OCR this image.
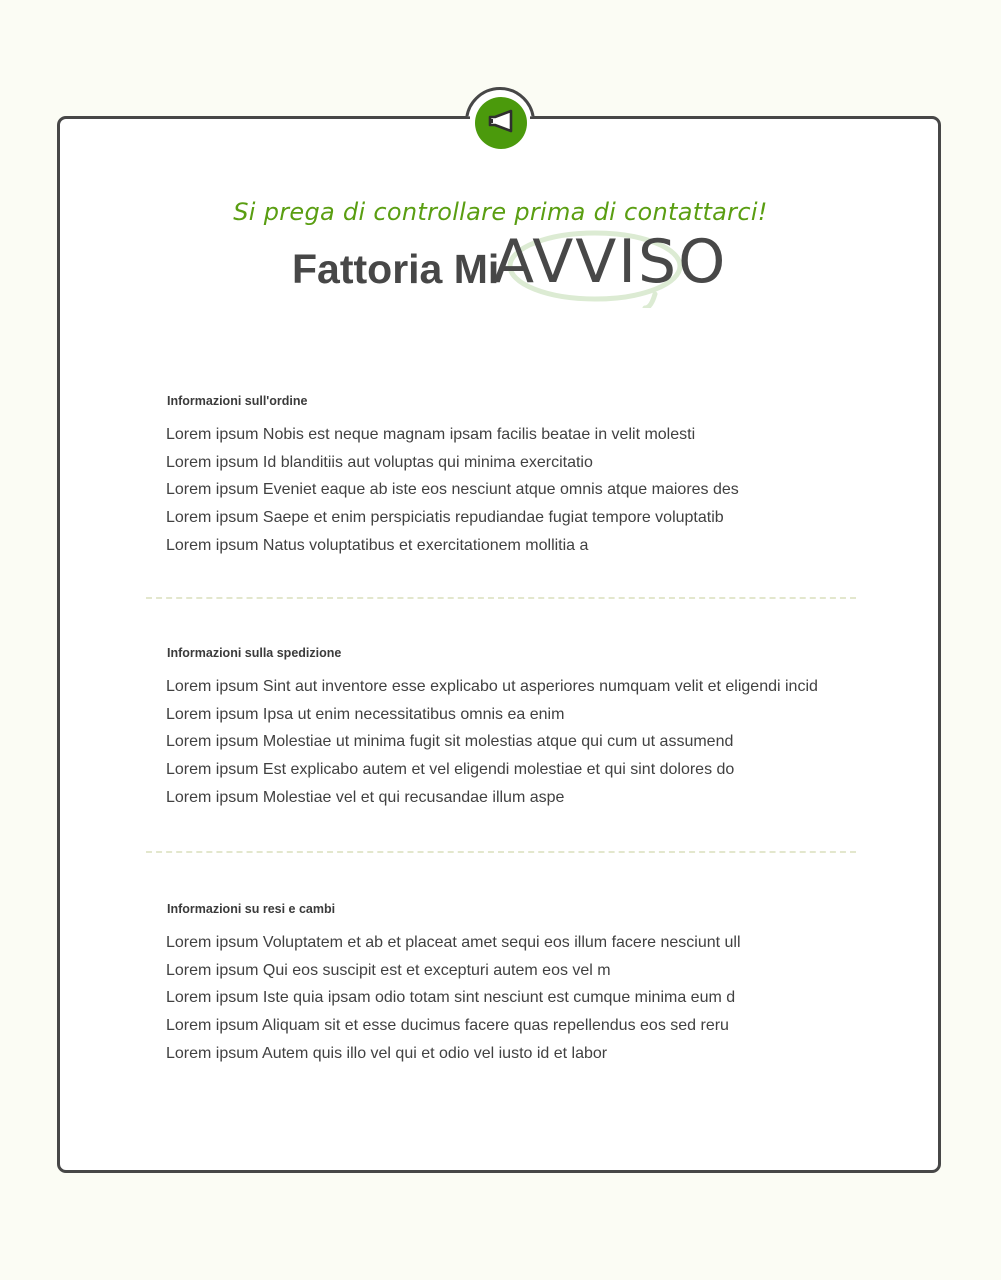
Si prega di controllare prima di contattarci!
Fattoria Mi
AVVISO
Informazioni sull'ordine

Lorem ipsum Nobis est neque magnam ipsam facilis beatae in velit molesti

Lorem ipsum Id blanditiis aut voluptas qui minima exercitatio

Lorem ipsum Eveniet eaque ab iste eos nesciunt atque omnis atque maiores des

Lorem ipsum Saepe et enim perspiciatis repudiandae fugiat tempore voluptatib

Lorem ipsum Natus voluptatibus et exercitationem mollitia a

Informazioni sulla spedizione

Lorem ipsum Sint aut inventore esse explicabo ut asperiores numquam velit et eligendi incid

Lorem ipsum Ipsa ut enim necessitatibus omnis ea enim

Lorem ipsum Molestiae ut minima fugit sit molestias atque qui cum ut assumend

Lorem ipsum Est explicabo autem et vel eligendi molestiae et qui sint dolores do

Lorem ipsum Molestiae vel et qui recusandae illum aspe

Informazioni su resi e cambi

Lorem ipsum Voluptatem et ab et placeat amet sequi eos illum facere nesciunt ull

Lorem ipsum Qui eos suscipit est et excepturi autem eos vel m

Lorem ipsum Iste quia ipsam odio totam sint nesciunt est cumque minima eum d

Lorem ipsum Aliquam sit et esse ducimus facere quas repellendus eos sed reru

Lorem ipsum Autem quis illo vel qui et odio vel iusto id et labor
